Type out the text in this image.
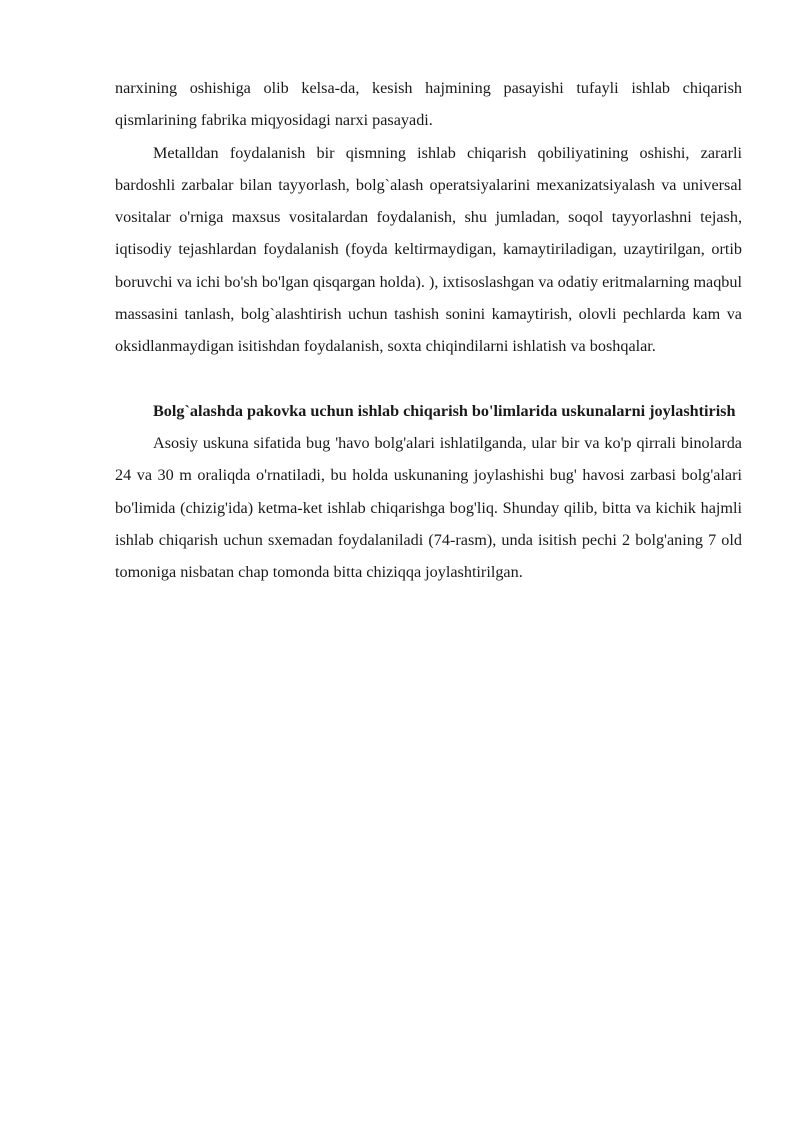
narxining oshishiga olib kelsa-da, kesish hajmining pasayishi tufayli ishlab chiqarish qismlarining fabrika miqyosidagi narxi pasayadi.

Metalldan foydalanish bir qismning ishlab chiqarish qobiliyatining oshishi, zararli bardoshli zarbalar bilan tayyorlash, bolg`alash operatsiyalarini mexanizatsiyalash va universal vositalar o'rniga maxsus vositalardan foydalanish, shu jumladan, soqol tayyorlashni tejash, iqtisodiy tejashlardan foydalanish (foyda keltirmaydigan, kamaytiriladigan, uzaytirilgan, ortib boruvchi va ichi bo'sh bo'lgan qisqargan holda). ), ixtisoslashgan va odatiy eritmalarning maqbul massasini tanlash, bolg`alashtirish uchun tashish sonini kamaytirish, olovli pechlarda kam va oksidlanmaydigan isitishdan foydalanish, soxta chiqindilarni ishlatish va boshqalar.

Bolg`alashda pakovka uchun ishlab chiqarish bo'limlarida uskunalarni joylashtirish

Asosiy uskuna sifatida bug 'havo bolg'alari ishlatilganda, ular bir va ko'p qirrali binolarda 24 va 30 m oraliqda o'rnatiladi, bu holda uskunaning joylashishi bug' havosi zarbasi bolg'alari bo'limida (chizig'ida) ketma-ket ishlab chiqarishga bog'liq. Shunday qilib, bitta va kichik hajmli ishlab chiqarish uchun sxemadan foydalaniladi (74-rasm), unda isitish pechi 2 bolg'aning 7 old tomoniga nisbatan chap tomonda bitta chiziqqa joylashtirilgan.
